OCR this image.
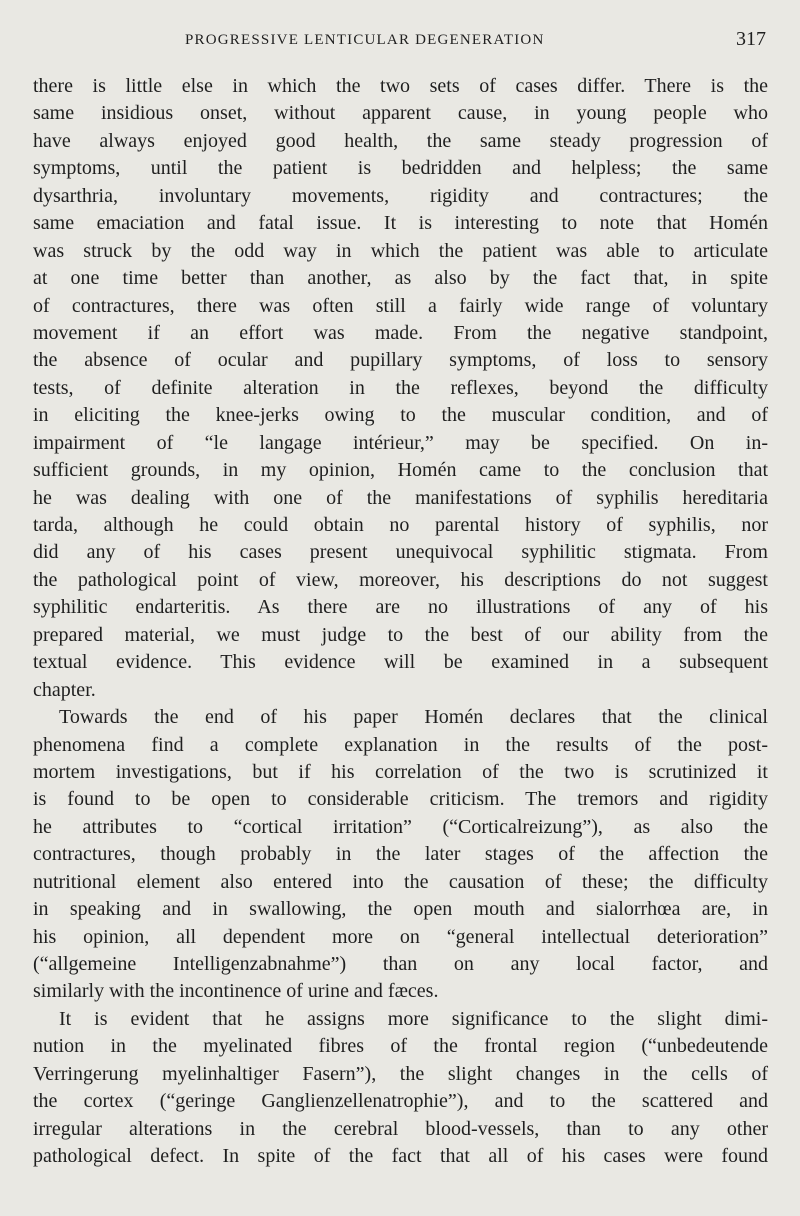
PROGRESSIVE LENTICULAR DEGENERATION	317
there is little else in which the two sets of cases differ. There is the
same insidious onset, without apparent cause, in young people who
have always enjoyed good health, the same steady progression of
symptoms, until the patient is bedridden and helpless; the same
dysarthria, involuntary movements, rigidity and contractures; the
same emaciation and fatal issue. It is interesting to note that Homén
was struck by the odd way in which the patient was able to articulate
at one time better than another, as also by the fact that, in spite
of contractures, there was often still a fairly wide range of voluntary
movement if an effort was made. From the negative standpoint,
the absence of ocular and pupillary symptoms, of loss to sensory
tests, of definite alteration in the reflexes, beyond the difficulty
in eliciting the knee-jerks owing to the muscular condition, and of
impairment of “le langage intérieur,” may be specified. On in-
sufficient grounds, in my opinion, Homén came to the conclusion that
he was dealing with one of the manifestations of syphilis hereditaria
tarda, although he could obtain no parental history of syphilis, nor
did any of his cases present unequivocal syphilitic stigmata. From
the pathological point of view, moreover, his descriptions do not suggest
syphilitic endarteritis. As there are no illustrations of any of his
prepared material, we must judge to the best of our ability from the
textual evidence. This evidence will be examined in a subsequent
chapter.
Towards the end of his paper Homén declares that the clinical
phenomena find a complete explanation in the results of the post-
mortem investigations, but if his correlation of the two is scrutinized it
is found to be open to considerable criticism. The tremors and rigidity
he attributes to “cortical irritation” (“Corticalreizung”), as also the
contractures, though probably in the later stages of the affection the
nutritional element also entered into the causation of these; the difficulty
in speaking and in swallowing, the open mouth and sialorrhœa are, in
his opinion, all dependent more on “general intellectual deterioration”
(“allgemeine Intelligenzabnahme”) than on any local factor, and
similarly with the incontinence of urine and fæces.
It is evident that he assigns more significance to the slight dimi-
nution in the myelinated fibres of the frontal region (“unbedeutende
Verringerung myelinhaltiger Fasern”), the slight changes in the cells of
the cortex (“geringe Ganglienzellenatrophie”), and to the scattered and
irregular alterations in the cerebral blood-vessels, than to any other
pathological defect. In spite of the fact that all of his cases were found
